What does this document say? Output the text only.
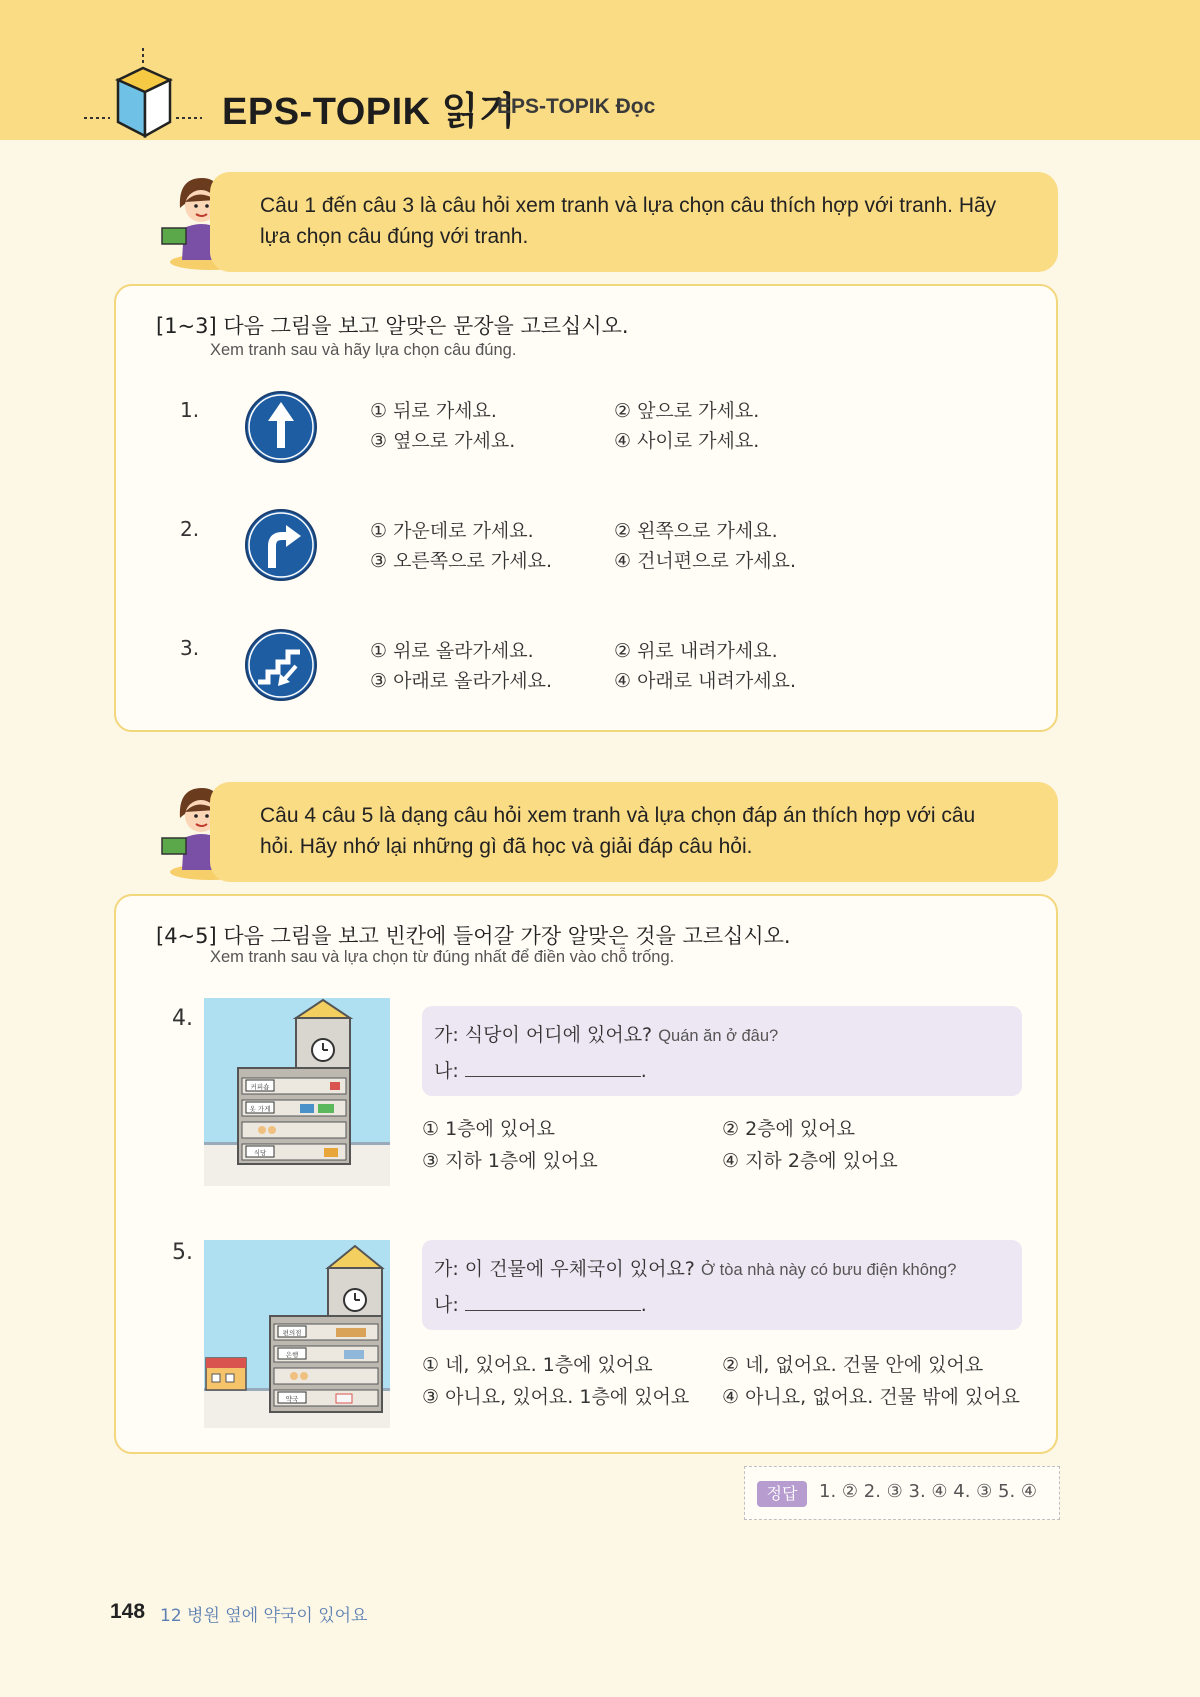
EPS-TOPIK 읽기
EPS-TOPIK Đọc
Câu 1 đến câu 3 là câu hỏi xem tranh và lựa chọn câu thích hợp với tranh. Hãy
lựa chọn câu đúng với tranh.
[1~3] 다음 그림을 보고 알맞은 문장을 고르십시오.
Xem tranh sau và hãy lựa chọn câu đúng.
1.	① 뒤로 가세요.	② 앞으로 가세요.
③ 옆으로 가세요.	④ 사이로 가세요.
2.	① 가운데로 가세요.	② 왼쪽으로 가세요.
③ 오른쪽으로 가세요.	④ 건너편으로 가세요.
3.	① 위로 올라가세요.	② 위로 내려가세요.
③ 아래로 올라가세요.	④ 아래로 내려가세요.
Câu 4 câu 5 là dạng câu hỏi xem tranh và lựa chọn đáp án thích hợp với câu
hỏi. Hãy nhớ lại những gì đã học và giải đáp câu hỏi.
[4~5] 다음 그림을 보고 빈칸에 들어갈 가장 알맞은 것을 고르십시오.
Xem tranh sau và lựa chọn từ đúng nhất để điền vào chỗ trống.
4.
커피숍
옷 가게
식당
가: 식당이 어디에 있어요? Quán ăn ở đâu?
나:	.
① 1층에 있어요	② 2층에 있어요
③ 지하 1층에 있어요	④ 지하 2층에 있어요
5.
편의점
은행
약국
가: 이 건물에 우체국이 있어요? Ở tòa nhà này có bưu điện không?
나:	.
① 네, 있어요. 1층에 있어요	② 네, 없어요. 건물 안에 있어요
③ 아니요, 있어요. 1층에 있어요 ④ 아니요, 없어요. 건물 밖에 있어요
정답	1. ② 2. ③ 3. ④ 4. ③ 5. ④
148 12 병원 옆에 약국이 있어요
